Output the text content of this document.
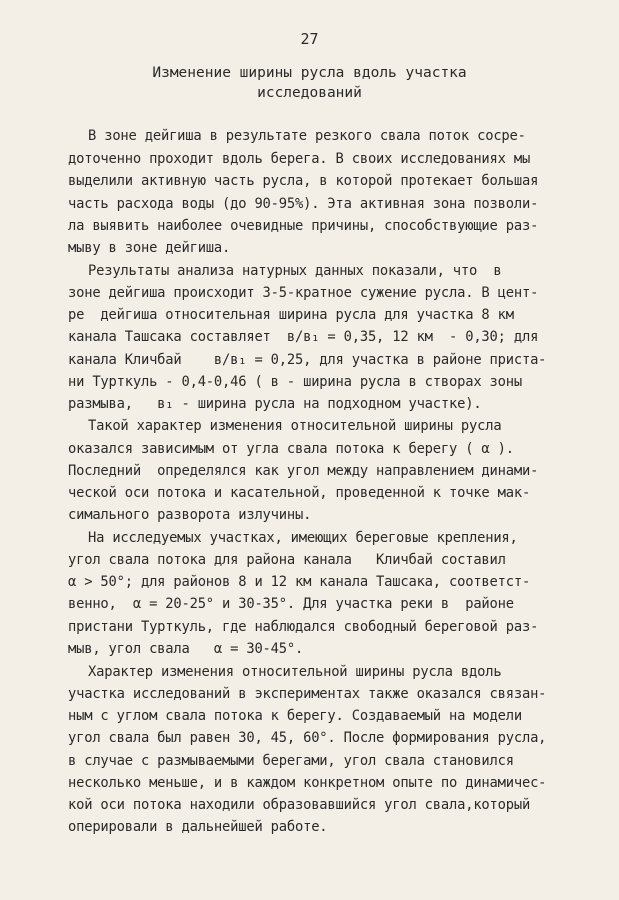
27
Изменение ширины русла вдоль участка
исследований
В зоне дейгиша в результате резкого свала поток сосре-
доточенно проходит вдоль берега. В своих исследованиях мы
выделили активную часть русла, в которой протекает большая
часть расхода воды (до 90-95%). Эта активная зона позволи-
ла выявить наиболее очевидные причины, способствующие раз-
мыву в зоне дейгиша.
Результаты анализа натурных данных показали, что  в
зоне дейгиша происходит 3-5-кратное сужение русла. В цент-
ре  дейгиша относительная ширина русла для участка 8 км
канала Ташсака составляет  в/в₁ = 0,35, 12 км  - 0,30; для
канала Кличбай    в/в₁ = 0,25, для участка в районе приста-
ни Турткуль - 0,4-0,46 ( в - ширина русла в створах зоны
размыва,   в₁ - ширина русла на подходном участке).
Такой характер изменения относительной ширины русла
оказался зависимым от угла свала потока к берегу ( α ).
Последний  определялся как угол между направлением динами-
ческой оси потока и касательной, проведенной к точке мак-
симального разворота излучины.
На исследуемых участках, имеющих береговые крепления,
угол свала потока для района канала   Кличбай составил
α > 50°; для районов 8 и 12 км канала Ташсака, соответст-
венно,  α = 20-25° и 30-35°. Для участка реки в  районе
пристани Турткуль, где наблюдался свободный береговой раз-
мыв, угол свала   α = 30-45°.
Характер изменения относительной ширины русла вдоль
участка исследований в экспериментах также оказался связан-
ным с углом свала потока к берегу. Создаваемый на модели
угол свала был равен 30, 45, 60°. После формирования русла,
в случае с размываемыми берегами, угол свала становился
несколько меньше, и в каждом конкретном опыте по динамичес-
кой оси потока находили образовавшийся угол свала,который
оперировали в дальнейшей работе.
